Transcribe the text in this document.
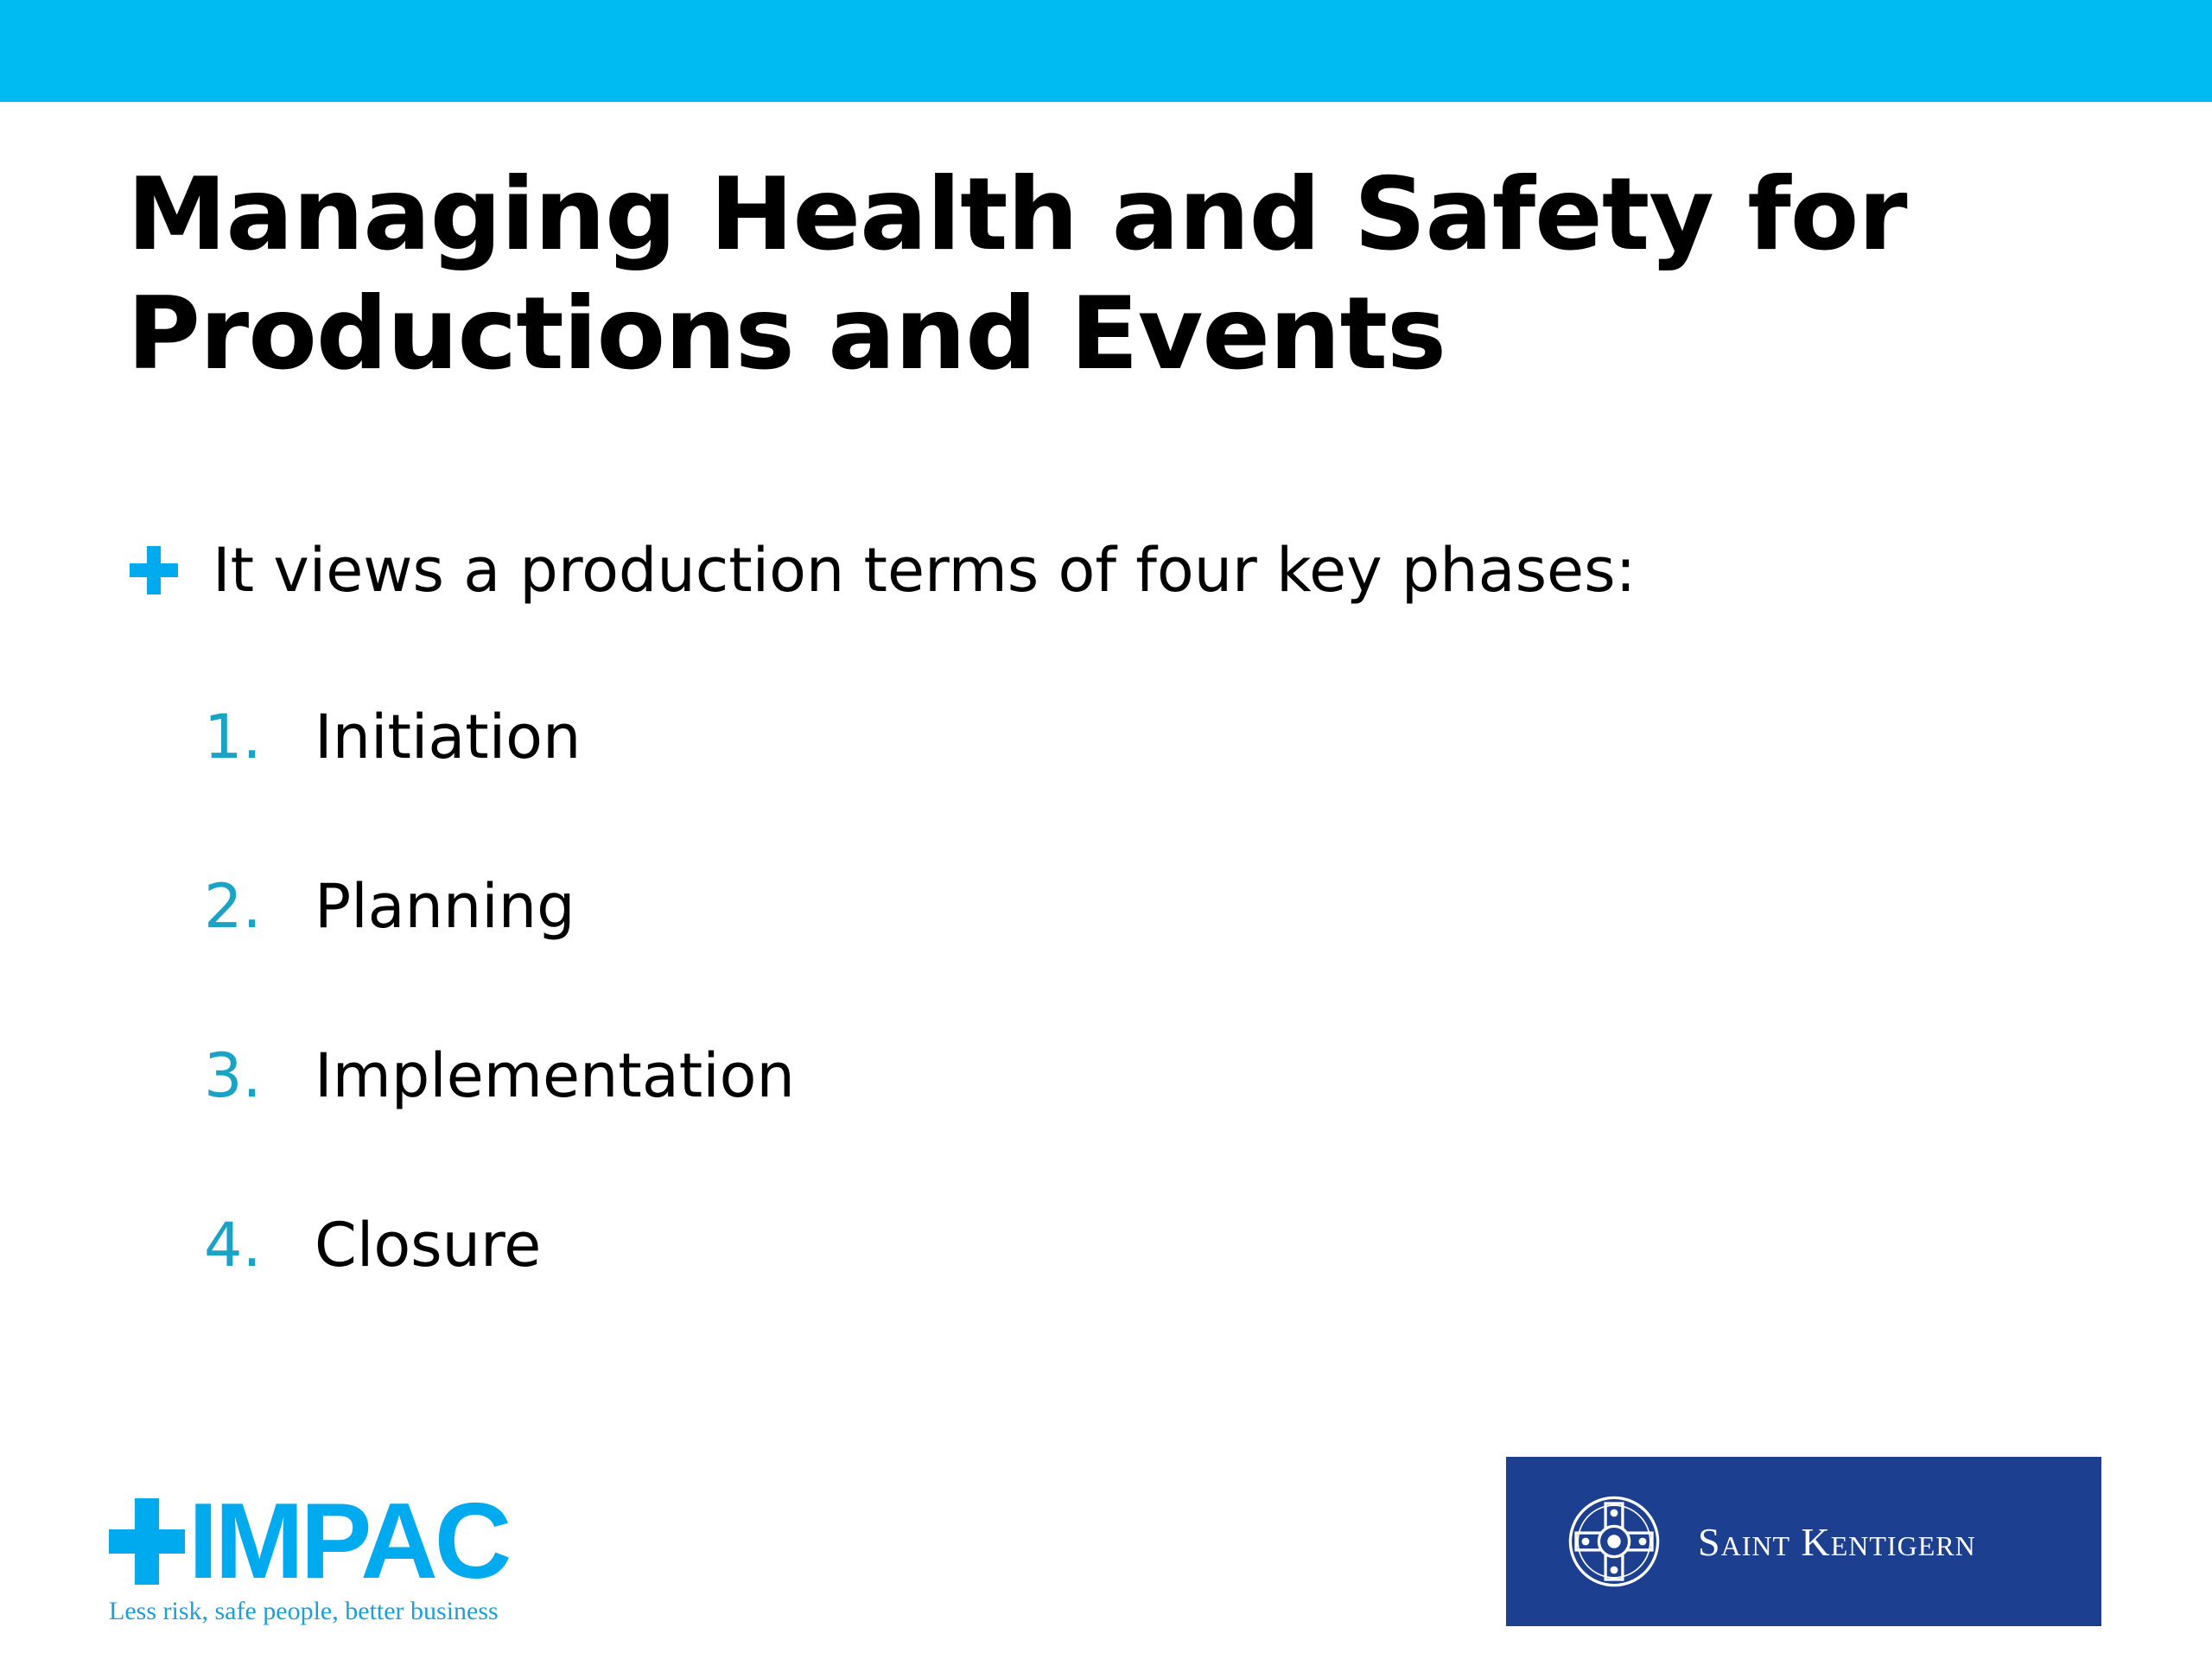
Managing Health and Safety for Productions and Events
It views a production terms of four key phases:
1. Initiation
2. Planning
3. Implementation
4. Closure
IMPAC
Less risk, safe people, better business
Saint Kentigern
